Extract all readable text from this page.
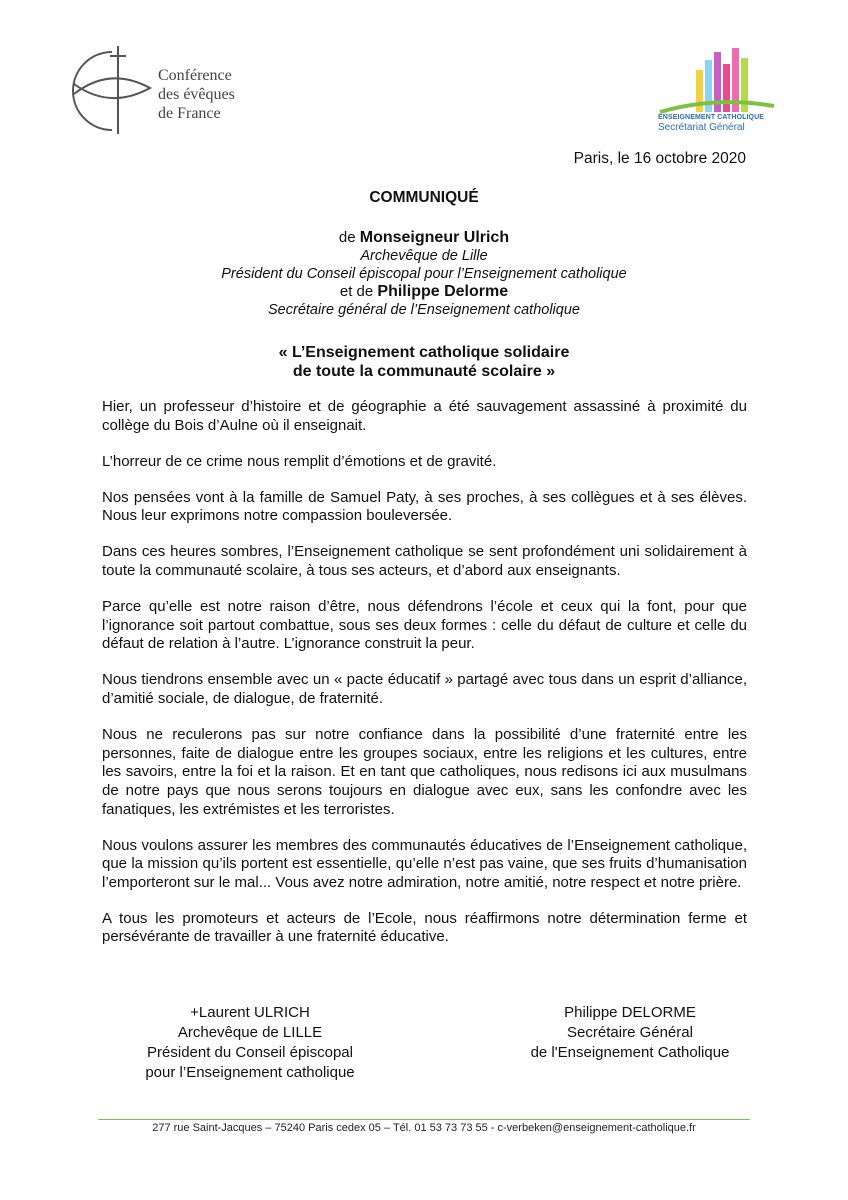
Conférence
des évêques
de France	ENSEIGNEMENT CATHOLIQUE
Secrétariat Général
Paris, le 16 octobre 2020
COMMUNIQUÉ
de Monseigneur Ulrich
Archevêque de Lille
Président du Conseil épiscopal pour l’Enseignement catholique
et de Philippe Delorme
Secrétaire général de l’Enseignement catholique
« L’Enseignement catholique solidaire
de toute la communauté scolaire »

Hier, un professeur d’histoire et de géographie a été sauvagement assassiné à proximité du collège du Bois d’Aulne où il enseignait.

L’horreur de ce crime nous remplit d’émotions et de gravité.

Nos pensées vont à la famille de Samuel Paty, à ses proches, à ses collègues et à ses élèves. Nous leur exprimons notre compassion bouleversée.

Dans ces heures sombres, l’Enseignement catholique se sent profondément uni solidairement à toute la communauté scolaire, à tous ses acteurs, et d’abord aux enseignants.

Parce qu’elle est notre raison d’être, nous défendrons l’école et ceux qui la font, pour que l’ignorance soit partout combattue, sous ses deux formes : celle du défaut de culture et celle du défaut de relation à l’autre. L’ignorance construit la peur.

Nous tiendrons ensemble avec un « pacte éducatif » partagé avec tous dans un esprit d’alliance, d’amitié sociale, de dialogue, de fraternité.

Nous ne reculerons pas sur notre confiance dans la possibilité d’une fraternité entre les personnes, faite de dialogue entre les groupes sociaux, entre les religions et les cultures, entre les savoirs, entre la foi et la raison. Et en tant que catholiques, nous redisons ici aux musulmans de notre pays que nous serons toujours en dialogue avec eux, sans les confondre avec les fanatiques, les extrémistes et les terroristes.

Nous voulons assurer les membres des communautés éducatives de l’Enseignement catholique, que la mission qu’ils portent est essentielle, qu’elle n’est pas vaine, que ses fruits d’humanisation l’emporteront sur le mal... Vous avez notre admiration, notre amitié, notre respect et notre prière.

A tous les promoteurs et acteurs de l’Ecole, nous réaffirmons notre détermination ferme et persévérante de travailler à une fraternité éducative.

+Laurent ULRICH
Archevêque de LILLE
Président du Conseil épiscopal
pour l’Enseignement catholique
Philippe DELORME
Secrétaire Général
de l'Enseignement Catholique
277 rue Saint-Jacques – 75240 Paris cedex 05 – Tél. 01 53 73 73 55 - c-verbeken@enseignement-catholique.fr
